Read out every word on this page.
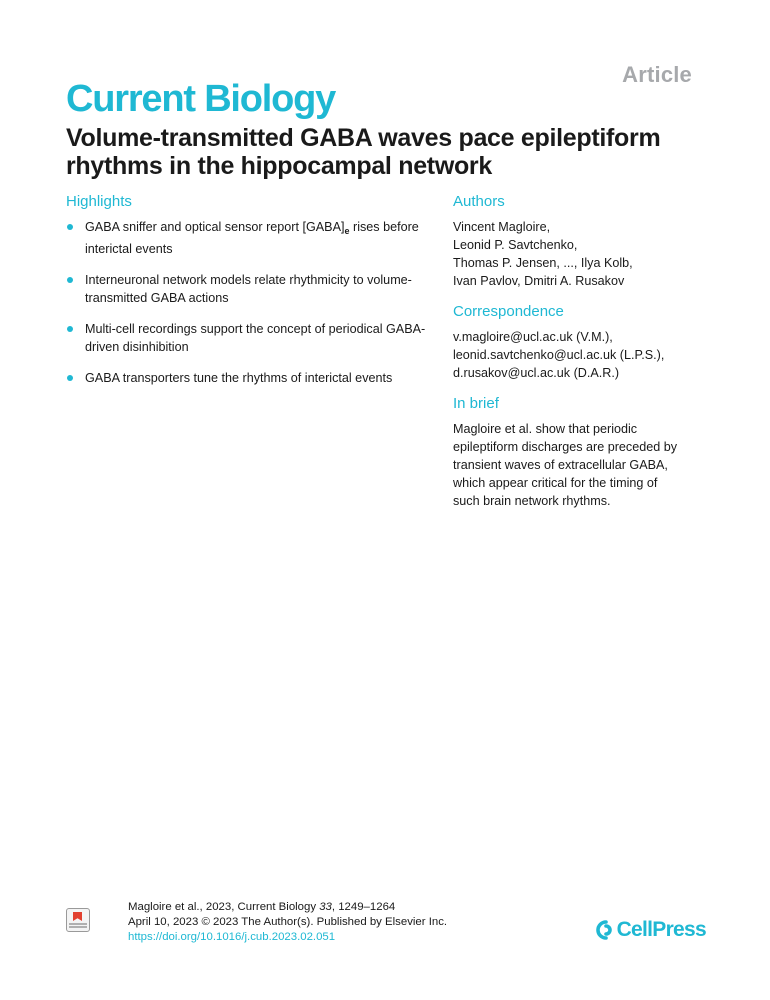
Article
Current Biology
Volume-transmitted GABA waves pace epileptiform rhythms in the hippocampal network
Highlights
GABA sniffer and optical sensor report $[GABA]_e$ rises before interictal events
Interneuronal network models relate rhythmicity to volume-transmitted GABA actions
Multi-cell recordings support the concept of periodical GABA-driven disinhibition
GABA transporters tune the rhythms of interictal events
Authors
Vincent Magloire,
Leonid P. Savtchenko,
Thomas P. Jensen, ..., Ilya Kolb,
Ivan Pavlov, Dmitri A. Rusakov
Correspondence
v.magloire@ucl.ac.uk (V.M.),
leonid.savtchenko@ucl.ac.uk (L.P.S.),
d.rusakov@ucl.ac.uk (D.A.R.)
In brief
Magloire et al. show that periodic
epileptiform discharges are preceded by
transient waves of extracellular GABA,
which appear critical for the timing of
such brain network rhythms.
Magloire et al., 2023, Current Biology 33, 1249–1264
April 10, 2023 © 2023 The Author(s). Published by Elsevier Inc.
https://doi.org/10.1016/j.cub.2023.02.051	CellPress
